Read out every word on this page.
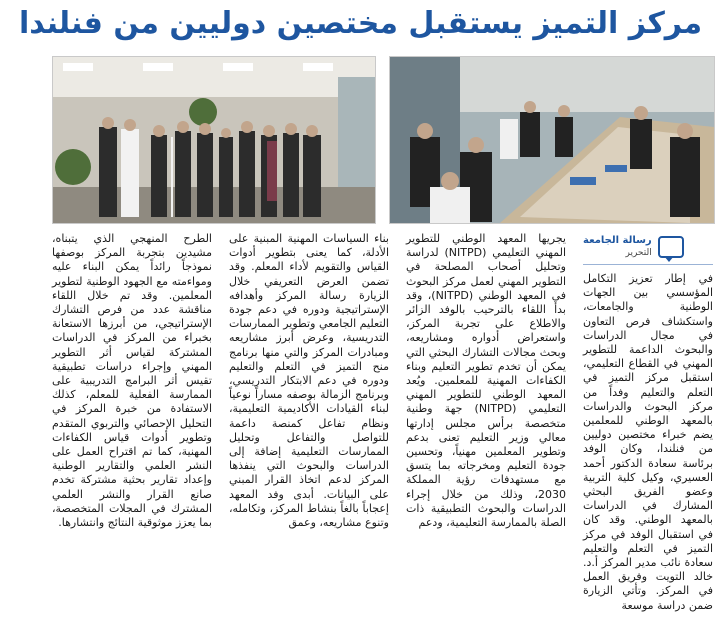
مركز التميز يستقبل مختصين دوليين من فنلندا
رسالة الجامعة
التحرير

في إطار تعزيز التكامل المؤسسي بين الجهات الوطنية والجامعات، واستكشاف فرص التعاون في مجال الدراسات والبحوث الداعمة للتطوير المهني في القطاع التعليمي، استقبل مركز التميز في التعلم والتعليم وفداً من مركز البحوث والدراسات بالمعهد الوطني للمعلمين يضم خبراء مختصين دوليين من فنلندا، وكان الوفد برئاسة سعادة الدكتور أحمد العسيري، وكيل كلية التربية وعضو الفريق البحثي المشارك في الدراسات بالمعهد الوطني. وقد كان في استقبال الوفد في مركز التميز في التعلم والتعليم سعادة نائب مدير المركز أ.د. خالد التويت وفريق العمل في المركز. وتأتي الزيارة ضمن دراسة موسعة

يجريها المعهد الوطني للتطوير المهني التعليمي (NITPD) لدراسة وتحليل أصحاب المصلحة في التطوير المهني لعمل مركز البحوث في المعهد الوطني (NITPD)، وقد بدأ اللقاء بالترحيب بالوفد الزائر والاطلاع على تجربة المركز، واستعراض أدواره ومشاريعه، وبحث مجالات التشارك البحثي التي يمكن أن تخدم تطوير التعليم وبناء الكفاءات المهنية للمعلمين. ويُعد المعهد الوطني للتطوير المهني التعليمي (NITPD) جهة وطنية متخصصة برأس مجلس إدارتها معالي وزير التعليم تعنى بدعم وتطوير المعلمين مهنياً، وتحسين جودة التعليم ومخرجاته بما يتسق مع مستهدفات رؤية المملكة 2030، وذلك من خلال إجراء الدراسات والبحوث التطبيقية ذات الصلة بالممارسة التعليمية، ودعم

بناء السياسات المهنية المبنية على الأدلة، كما يعنى بتطوير أدوات القياس والتقويم لأداء المعلم. وقد تضمن العرض التعريفي خلال الزيارة رسالة المركز وأهدافه الإستراتيجية ودوره في دعم جودة التعليم الجامعي وتطوير الممارسات التدريسية، وعرض أبرز مشاريعه ومبادرات المركز والتي منها برنامج منح التميز في التعلم والتعليم ودوره في دعم الابتكار التدريسي، وبرنامج الزمالة بوصفه مساراً نوعياً لبناء القيادات الأكاديمية التعليمية، ونظام تفاعل كمنصة داعمة للتواصل والتفاعل وتحليل الممارسات التعليمية إضافة إلى الدراسات والبحوث التي ينفذها المركز لدعم اتخاذ القرار المبني على البيانات. أبدى وفد المعهد إعجاباً بالغاً بنشاط المركز، وتكامله، وتنوع مشاريعه، وعمق

الطرح المنهجي الذي يتبناه، مشيدين بتجربة المركز بوصفها نموذجاً رائداً يمكن البناء عليه ومواءمته مع الجهود الوطنية لتطوير المعلمين. وقد تم خلال اللقاء مناقشة عدد من فرص التشارك الإستراتيجي، من أبرزها الاستعانة بخبراء من المركز في الدراسات المشتركة لقياس أثر التطوير المهني وإجراء دراسات تطبيقية تقيس أثر البرامج التدريبية على الممارسة الفعلية للمعلم، كذلك الاستفادة من خبرة المركز في التحليل الإحصائي والتربوي المتقدم وتطوير أدوات قياس الكفاءات المهنية، كما تم اقتراح العمل على النشر العلمي والتقارير الوطنية وإعداد تقارير بحثية مشتركة تخدم صانع القرار والنشر العلمي المشترك في المجلات المتخصصة، بما يعزز موثوقية النتائج وانتشارها.
